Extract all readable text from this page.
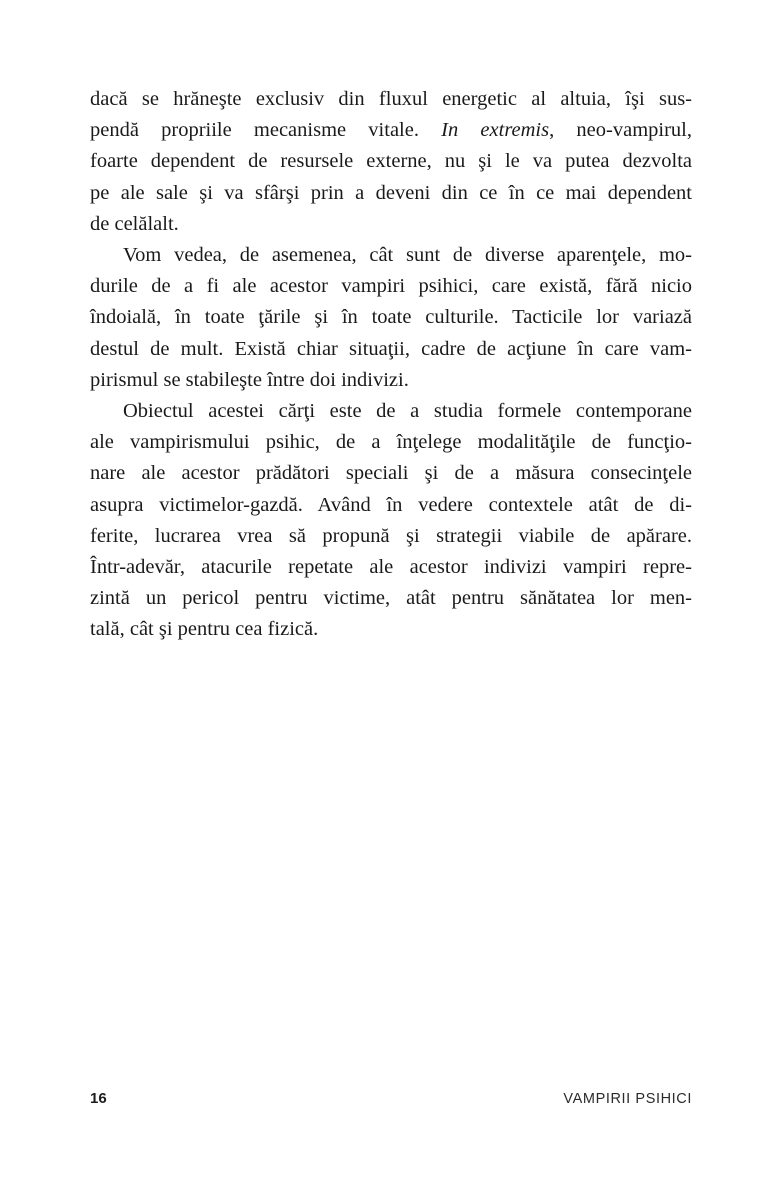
dacă se hrăneşte exclusiv din fluxul energetic al altuia, îşi sus-
pendă propriile mecanisme vitale. In extremis, neo-vampirul,
foarte dependent de resursele externe, nu şi le va putea dezvolta
pe ale sale şi va sfârşi prin a deveni din ce în ce mai dependent
de celălalt.
Vom vedea, de asemenea, cât sunt de diverse aparenţele, mo-
durile de a fi ale acestor vampiri psihici, care există, fără nicio
îndoială, în toate ţările şi în toate culturile. Tacticile lor variază
destul de mult. Există chiar situaţii, cadre de acţiune în care vam-
pirismul se stabileşte între doi indivizi.
Obiectul acestei cărţi este de a studia formele contemporane
ale vampirismului psihic, de a înţelege modalităţile de funcţio-
nare ale acestor prădători speciali şi de a măsura consecinţele
asupra victimelor-gazdă. Având în vedere contextele atât de di-
ferite, lucrarea vrea să propună şi strategii viabile de apărare.
Într-adevăr, atacurile repetate ale acestor indivizi vampiri repre-
zintă un pericol pentru victime, atât pentru sănătatea lor men-
tală, cât şi pentru cea fizică.
16	VAMPIRII PSIHICI
